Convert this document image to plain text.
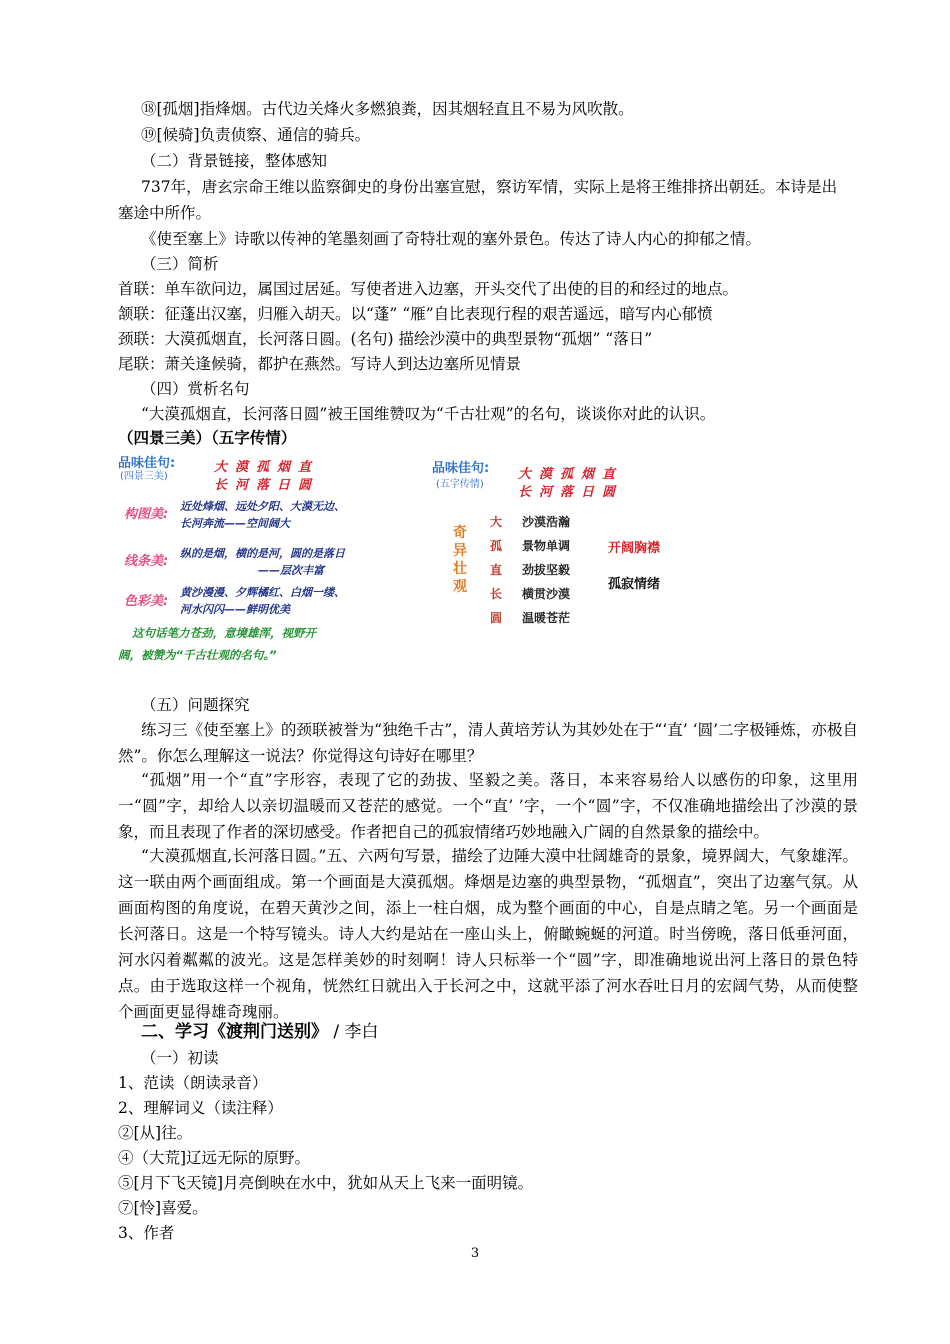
⑱[孤烟]指烽烟。古代边关烽火多燃狼粪，因其烟轻直且不易为风吹散。
⑲[候骑]负责侦察、通信的骑兵。
（二）背景链接，整体感知
737年，唐玄宗命王维以监察御史的身份出塞宣慰，察访军情，实际上是将王维排挤出朝廷。本诗是出
塞途中所作。
《使至塞上》诗歌以传神的笔墨刻画了奇特壮观的塞外景色。传达了诗人内心的抑郁之情。
（三）简析
首联：单车欲问边，属国过居延。写使者进入边塞，开头交代了出使的目的和经过的地点。
颔联：征蓬出汉塞，归雁入胡天。以“蓬” “雁”自比表现行程的艰苦遥远，暗写内心郁愤
颈联：大漠孤烟直，长河落日圆。(名句) 描绘沙漠中的典型景物“孤烟” “落日”
尾联：萧关逢候骑，都护在燕然。写诗人到达边塞所见情景
（四）赏析名句
“大漠孤烟直，长河落日圆”被王国维赞叹为“千古壮观”的名句，谈谈你对此的认识。
（四景三美）（五字传情）
品味佳句:
(四景三美)
大漠孤烟直
长河落日圆
构图美:
近处烽烟、远处夕阳、大漠无边、
长河奔流——空间阔大
线条美:
纵的是烟，横的是河，圆的是落日
——层次丰富
色彩美:
黄沙漫漫、夕辉橘红、白烟一缕、
河水闪闪——鲜明优美
这句话笔力苍劲，意境雄浑，视野开
阔，被赞为“千古壮观的名句。”
品味佳句:
(五字传情)
大漠孤烟直
长河落日圆
奇
异
壮
观
大 沙漠浩瀚
孤 景物单调
直 劲拔坚毅
长 横贯沙漠
圆 温暖苍茫
开阔胸襟
孤寂情绪
（五）问题探究
练习三《使至塞上》的颈联被誉为“独绝千古”，清人黄培芳认为其妙处在于“‘直’ ‘圆’二字极锤炼，亦极自然”。你怎么理解这一说法？你觉得这句诗好在哪里？
“孤烟”用一个“直”字形容，表现了它的劲拔、坚毅之美。落日，本来容易给人以感伤的印象，这里用一“圆”字，却给人以亲切温暖而又苍茫的感觉。一个“直’ ’字，一个“圆”字，不仅准确地描绘出了沙漠的景象，而且表现了作者的深切感受。作者把自己的孤寂情绪巧妙地融入广阔的自然景象的描绘中。
“大漠孤烟直,长河落日圆。”五、六两句写景，描绘了边陲大漠中壮阔雄奇的景象，境界阔大，气象雄浑。这一联由两个画面组成。第一个画面是大漠孤烟。烽烟是边塞的典型景物，“孤烟直”，突出了边塞气氛。从画面构图的角度说，在碧天黄沙之间，添上一柱白烟，成为整个画面的中心，自是点睛之笔。另一个画面是长河落日。这是一个特写镜头。诗人大约是站在一座山头上，俯瞰蜿蜒的河道。时当傍晚，落日低垂河面，河水闪着粼粼的波光。这是怎样美妙的时刻啊！诗人只标举一个“圆”字，即准确地说出河上落日的景色特点。由于选取这样一个视角，恍然红日就出入于长河之中，这就平添了河水吞吐日月的宏阔气势，从而使整个画面更显得雄奇瑰丽。
二、学习《渡荆门送别》 / 李白
（一）初读
1、范读（朗读录音）
2、理解词义（读注释）
②[从]往。
④（大荒]辽远无际的原野。
⑤[月下飞天镜]月亮倒映在水中，犹如从天上飞来一面明镜。
⑦[怜]喜爱。
3、作者
3
